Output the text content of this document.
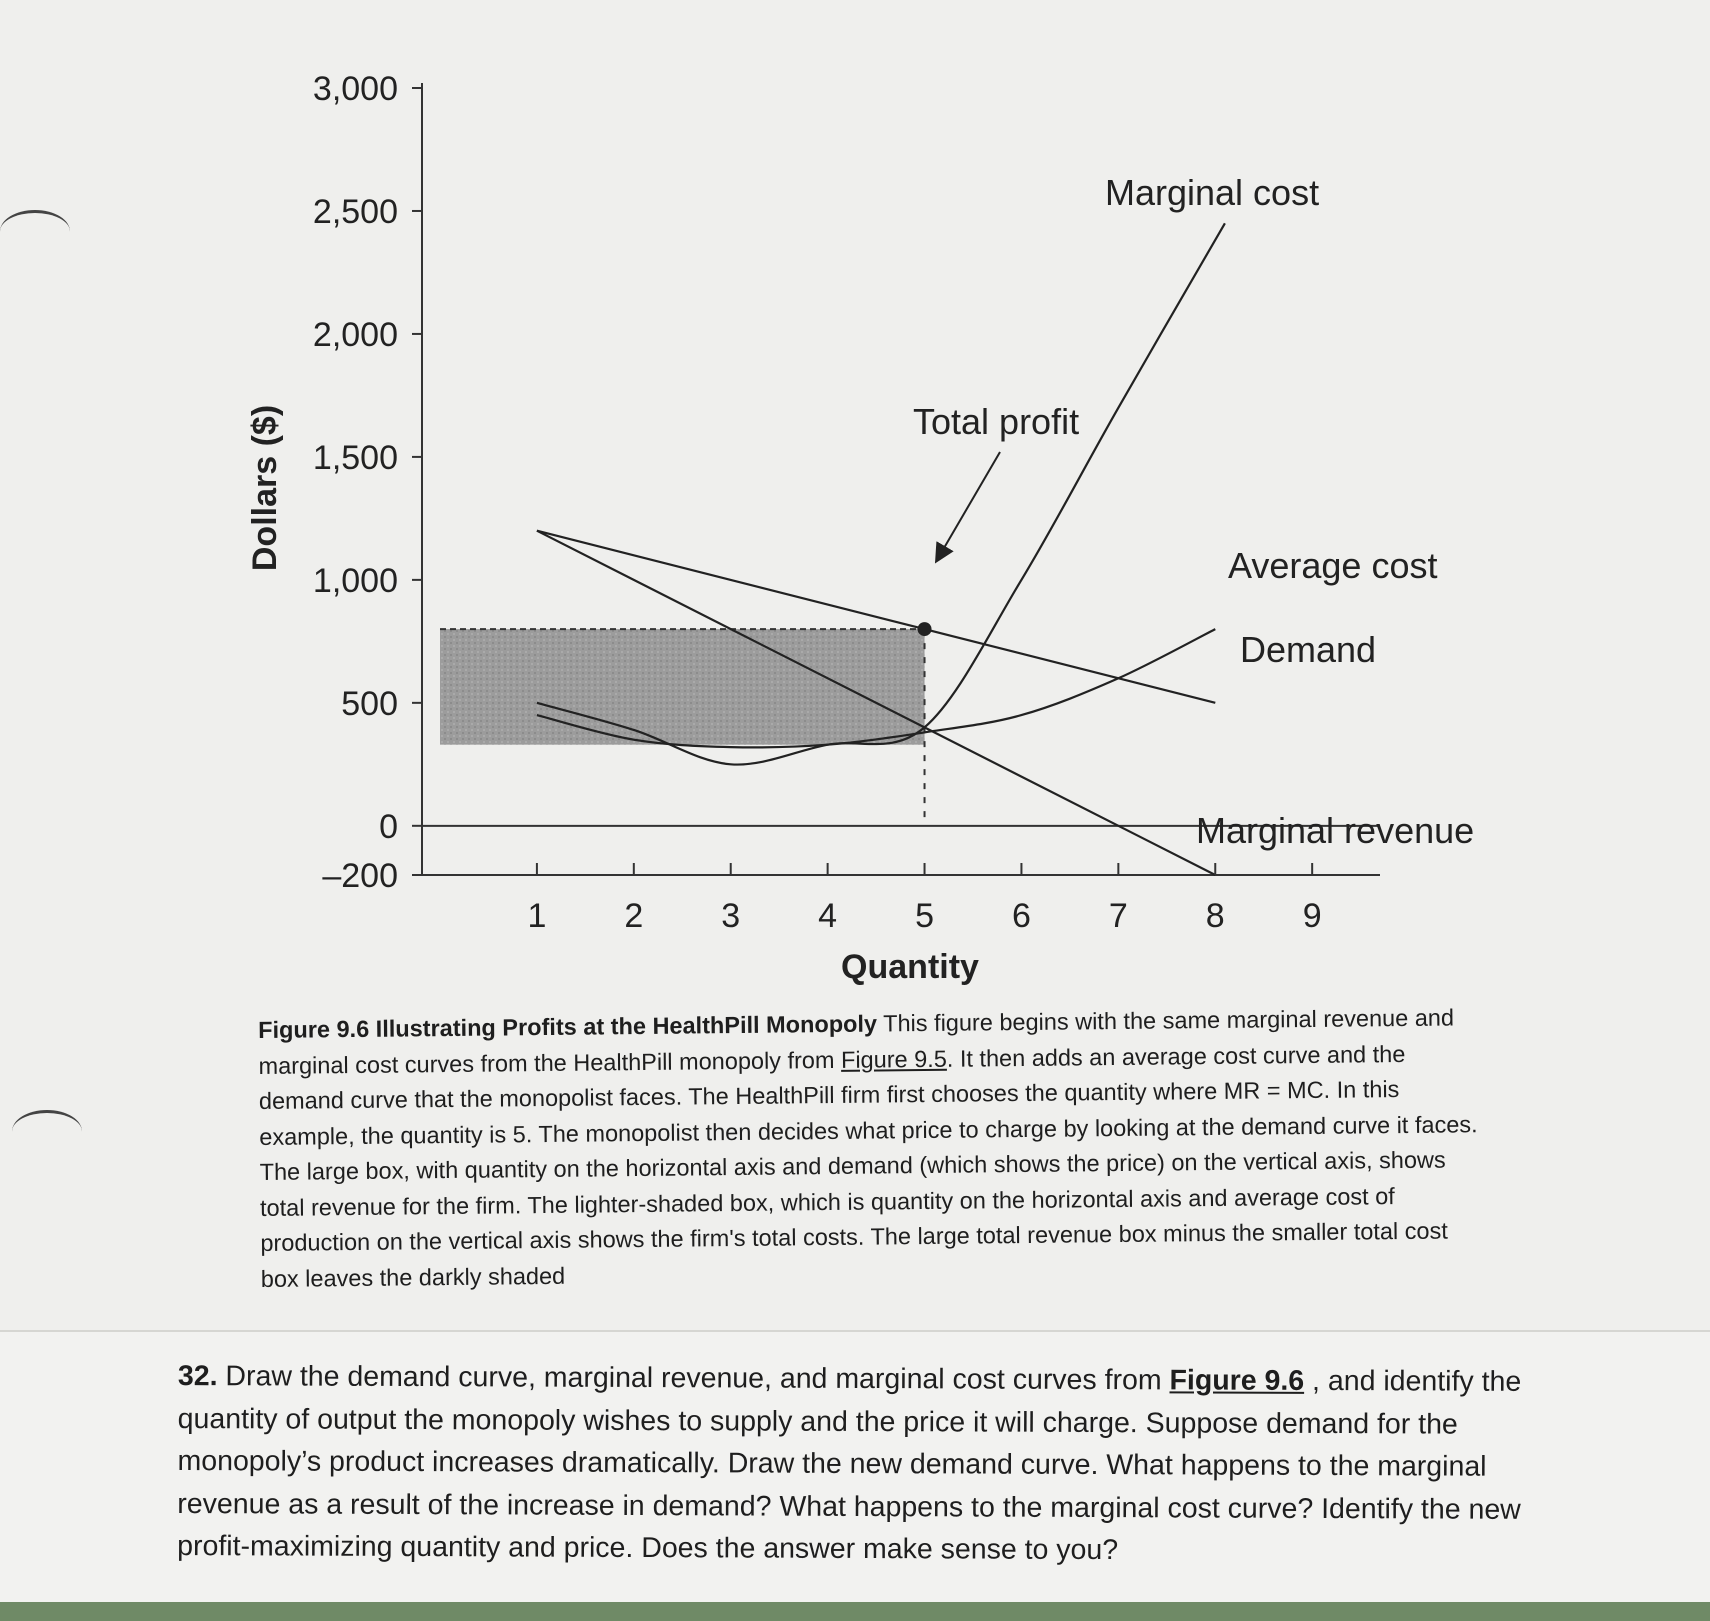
3,000
2,500
2,000
1,500
1,000
500
0
–200
1 2 3 4 5 6 7 8 9
Quantity
Dollars ($)
Marginal cost
Total profit
Average cost
Demand
Marginal revenue
Figure 9.6 Illustrating Profits at the HealthPill Monopoly This figure begins with the same marginal revenue and marginal cost curves from the HealthPill monopoly from Figure 9.5. It then adds an average cost curve and the demand curve that the monopolist faces. The HealthPill firm first chooses the quantity where MR = MC. In this example, the quantity is 5. The monopolist then decides what price to charge by looking at the demand curve it faces. The large box, with quantity on the horizontal axis and demand (which shows the price) on the vertical axis, shows total revenue for the firm. The lighter-shaded box, which is quantity on the horizontal axis and average cost of production on the vertical axis shows the firm's total costs. The large total revenue box minus the smaller total cost box leaves the darkly shaded
32. Draw the demand curve, marginal revenue, and marginal cost curves from Figure 9.6 , and identify the quantity of output the monopoly wishes to supply and the price it will charge. Suppose demand for the monopoly’s product increases dramatically. Draw the new demand curve. What happens to the marginal revenue as a result of the increase in demand? What happens to the marginal cost curve? Identify the new profit-maximizing quantity and price. Does the answer make sense to you?
